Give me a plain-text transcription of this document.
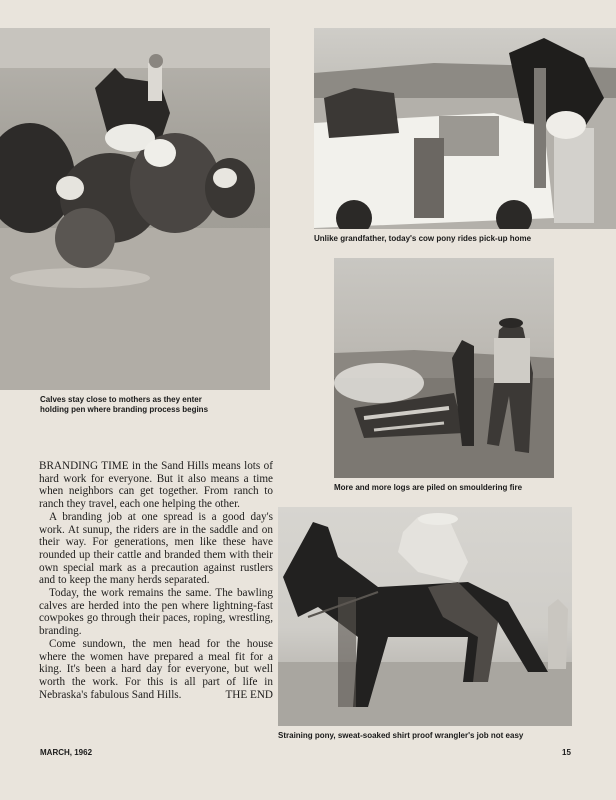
Calves stay close to mothers as they enter
holding pen where branding process begins

Unlike grandfather, today's cow pony rides pick-up home

More and more logs are piled on smouldering fire

Straining pony, sweat-soaked shirt proof wrangler's job not easy

BRANDING TIME in the Sand Hills means lots of hard work for everyone. But it also means a time when neighbors can get together. From ranch to ranch they travel, each one helping the other.

A branding job at one spread is a good day's work. At sunup, the riders are in the saddle and on their way. For generations, men like these have rounded up their cattle and branded them with their own special mark as a precaution against rustlers and to keep the many herds separated.

Today, the work remains the same. The bawling calves are herded into the pen where lightning-fast cowpokes go through their paces, roping, wrestling, branding.

Come sundown, the men head for the house where the women have prepared a meal fit for a king. It's been a hard day for everyone, but well worth the work. For this is all part of life in Nebraska's fabulous Sand Hills.	THE END

MARCH, 1962	15
